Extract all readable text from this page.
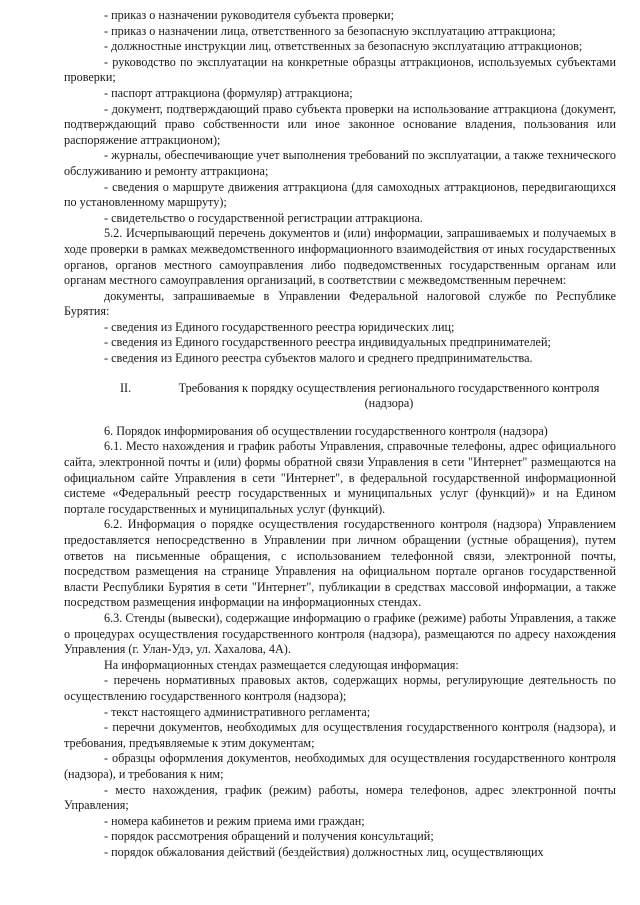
- приказ о назначении руководителя субъекта проверки;

- приказ о назначении лица, ответственного за безопасную эксплуатацию аттракциона;

- должностные инструкции лиц, ответственных за безопасную эксплуатацию аттракционов;

- руководство по эксплуатации на конкретные образцы аттракционов, используемых субъектами проверки;

- паспорт аттракциона (формуляр) аттракциона;

- документ, подтверждающий право субъекта проверки на использование аттракциона (документ, подтверждающий право собственности или иное законное основание владения, пользования или распоряжение аттракционом);

- журналы, обеспечивающие учет выполнения требований по эксплуатации, а также технического обслуживанию и ремонту аттракциона;

- сведения о маршруте движения аттракциона (для самоходных аттракционов, передвигающихся по установленному маршруту);

- свидетельство о государственной регистрации аттракциона.

5.2. Исчерпывающий перечень документов и (или) информации, запрашиваемых и получаемых в ходе проверки в рамках межведомственного информационного взаимодействия от иных государственных органов, органов местного самоуправления либо подведомственных государственным органам или органам местного самоуправления организаций, в соответствии с межведомственным перечнем:

документы, запрашиваемые в Управлении Федеральной налоговой службе по Республике Бурятия:

- сведения из Единого государственного реестра юридических лиц;

- сведения из Единого государственного реестра индивидуальных предпринимателей;

- сведения из Единого реестра субъектов малого и среднего предпринимательства.

II.	Требования к порядку осуществления регионального государственного контроля (надзора)

6. Порядок информирования об осуществлении государственного контроля (надзора)

6.1. Место нахождения и график работы Управления, справочные телефоны, адрес официального сайта, электронной почты и (или) формы обратной связи Управления в сети "Интернет" размещаются на официальном сайте Управления в сети "Интернет", в федеральной государственной информационной системе «Федеральный реестр государственных и муниципальных услуг (функций)» и на Едином портале государственных и муниципальных услуг (функций).

6.2. Информация о порядке осуществления государственного контроля (надзора) Управлением предоставляется непосредственно в Управлении при личном обращении (устные обращения), путем ответов на письменные обращения, с использованием телефонной связи, электронной почты, посредством размещения на странице Управления на официальном портале органов государственной власти Республики Бурятия в сети "Интернет", публикации в средствах массовой информации, а также посредством размещения информации на информационных стендах.

6.3. Стенды (вывески), содержащие информацию о графике (режиме) работы Управления, а также о процедурах осуществления государственного контроля (надзора), размещаются по адресу нахождения Управления (г. Улан-Удэ, ул. Хахалова, 4А).

На информационных стендах размещается следующая информация:

- перечень нормативных правовых актов, содержащих нормы, регулирующие деятельность по осуществлению государственного контроля (надзора);

- текст настоящего административного регламента;

- перечни документов, необходимых для осуществления государственного контроля (надзора), и требования, предъявляемые к этим документам;

- образцы оформления документов, необходимых для осуществления государственного контроля (надзора), и требования к ним;

- место нахождения, график (режим) работы, номера телефонов, адрес электронной почты Управления;

- номера кабинетов и режим приема ими граждан;

- порядок рассмотрения обращений и получения консультаций;

- порядок обжалования действий (бездействия) должностных лиц, осуществляющих
